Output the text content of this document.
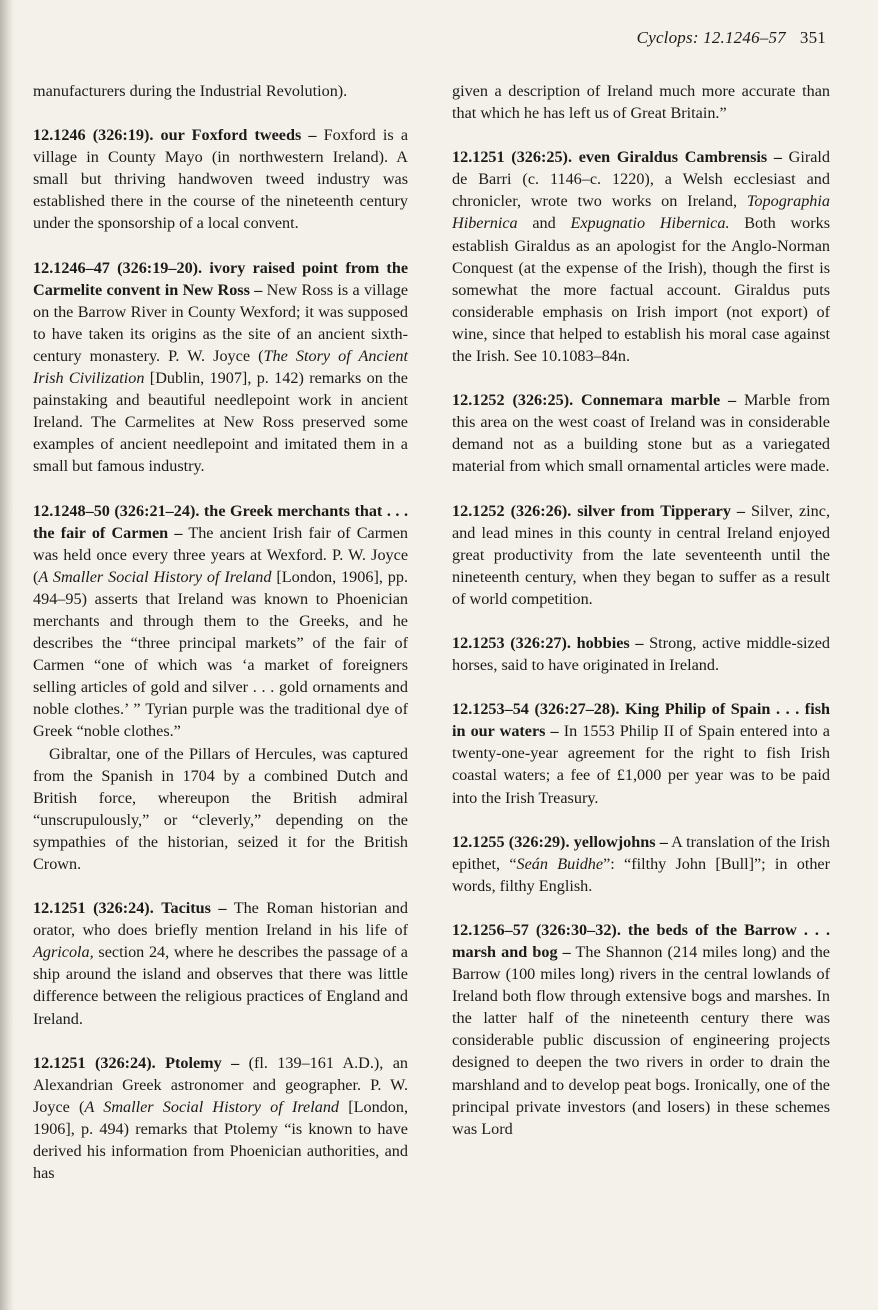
Cyclops: 12.1246–57 351

manufacturers during the Industrial Revolution).

12.1246 (326:19). our Foxford tweeds – Foxford is a village in County Mayo (in northwestern Ireland). A small but thriving handwoven tweed industry was established there in the course of the nineteenth century under the sponsorship of a local convent.

12.1246–47 (326:19–20). ivory raised point from the Carmelite convent in New Ross – New Ross is a village on the Barrow River in County Wexford; it was supposed to have taken its origins as the site of an ancient sixth-century monastery. P. W. Joyce (The Story of Ancient Irish Civilization [Dublin, 1907], p. 142) remarks on the painstaking and beautiful needlepoint work in ancient Ireland. The Carmelites at New Ross preserved some examples of ancient needlepoint and imitated them in a small but famous industry.

12.1248–50 (326:21–24). the Greek merchants that . . . the fair of Carmen – The ancient Irish fair of Carmen was held once every three years at Wexford. P. W. Joyce (A Smaller Social History of Ireland [London, 1906], pp. 494–95) asserts that Ireland was known to Phoenician merchants and through them to the Greeks, and he describes the “three principal markets” of the fair of Carmen “one of which was ‘a market of foreigners selling articles of gold and silver . . . gold ornaments and noble clothes.’ ” Tyrian purple was the traditional dye of Greek “noble clothes.”

Gibraltar, one of the Pillars of Hercules, was captured from the Spanish in 1704 by a combined Dutch and British force, whereupon the British admiral “unscrupulously,” or “cleverly,” depending on the sympathies of the historian, seized it for the British Crown.

12.1251 (326:24). Tacitus – The Roman historian and orator, who does briefly mention Ireland in his life of Agricola, section 24, where he describes the passage of a ship around the island and observes that there was little difference between the religious practices of England and Ireland.

12.1251 (326:24). Ptolemy – (fl. 139–161 A.D.), an Alexandrian Greek astronomer and geographer. P. W. Joyce (A Smaller Social History of Ireland [London, 1906], p. 494) remarks that Ptolemy “is known to have derived his information from Phoenician authorities, and has

given a description of Ireland much more accurate than that which he has left us of Great Britain.”

12.1251 (326:25). even Giraldus Cambrensis – Girald de Barri (c. 1146–c. 1220), a Welsh ecclesiast and chronicler, wrote two works on Ireland, Topographia Hibernica and Expugnatio Hibernica. Both works establish Giraldus as an apologist for the Anglo-Norman Conquest (at the expense of the Irish), though the first is somewhat the more factual account. Giraldus puts considerable emphasis on Irish import (not export) of wine, since that helped to establish his moral case against the Irish. See 10.1083–84n.

12.1252 (326:25). Connemara marble – Marble from this area on the west coast of Ireland was in considerable demand not as a building stone but as a variegated material from which small ornamental articles were made.

12.1252 (326:26). silver from Tipperary – Silver, zinc, and lead mines in this county in central Ireland enjoyed great productivity from the late seventeenth until the nineteenth century, when they began to suffer as a result of world competition.

12.1253 (326:27). hobbies – Strong, active middle-sized horses, said to have originated in Ireland.

12.1253–54 (326:27–28). King Philip of Spain . . . fish in our waters – In 1553 Philip II of Spain entered into a twenty-one-year agreement for the right to fish Irish coastal waters; a fee of £1,000 per year was to be paid into the Irish Treasury.

12.1255 (326:29). yellowjohns – A translation of the Irish epithet, “Seán Buidhe”: “filthy John [Bull]”; in other words, filthy English.

12.1256–57 (326:30–32). the beds of the Barrow . . . marsh and bog – The Shannon (214 miles long) and the Barrow (100 miles long) rivers in the central lowlands of Ireland both flow through extensive bogs and marshes. In the latter half of the nineteenth century there was considerable public discussion of engineering projects designed to deepen the two rivers in order to drain the marshland and to develop peat bogs. Ironically, one of the principal private investors (and losers) in these schemes was Lord
